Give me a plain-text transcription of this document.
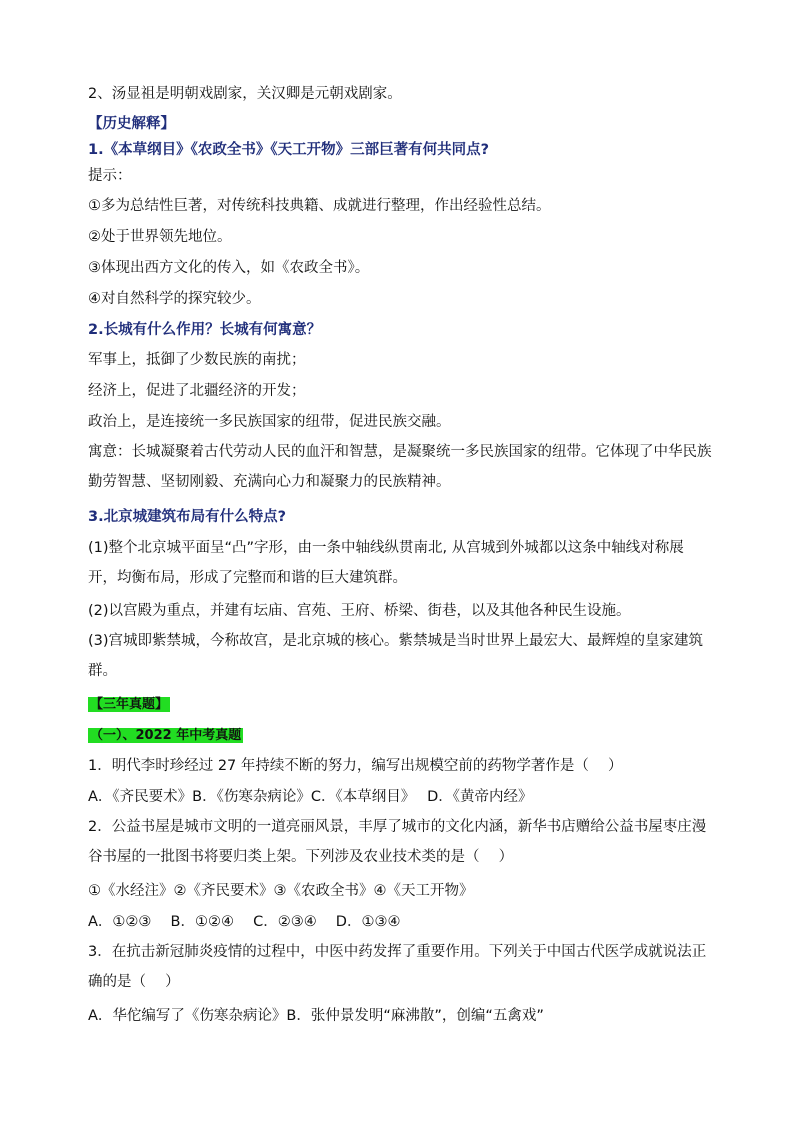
2、汤显祖是明朝戏剧家，关汉卿是元朝戏剧家。
【历史解释】
1.《本草纲目》《农政全书》《天工开物》三部巨著有何共同点?
提示：
①多为总结性巨著，对传统科技典籍、成就进行整理，作出经验性总结。
②处于世界领先地位。
③体现出西方文化的传入，如《农政全书》。
④对自然科学的探究较少。
2.长城有什么作用？长城有何寓意？
军事上，抵御了少数民族的南扰；
经济上，促进了北疆经济的开发；
政治上，是连接统一多民族国家的纽带，促进民族交融。
寓意：长城凝聚着古代劳动人民的血汗和智慧，是凝聚统一多民族国家的纽带。它体现了中华民族勤劳智慧、坚韧刚毅、充满向心力和凝聚力的民族精神。
3.北京城建筑布局有什么特点?
(1)整个北京城平面呈“凸”字形，由一条中轴线纵贯南北, 从宫城到外城都以这条中轴线对称展开，均衡布局，形成了完整而和谐的巨大建筑群。
(2)以宫殿为重点，并建有坛庙、宫苑、王府、桥梁、街巷，以及其他各种民生设施。
(3)宫城即紫禁城，今称故宫，是北京城的核心。紫禁城是当时世界上最宏大、最辉煌的皇家建筑群。
【三年真题】
（一）、2022 年中考真题
1．明代李时珍经过 27 年持续不断的努力，编写出规模空前的药物学著作是（　 ）
A．《齐民要术》B．《伤寒杂病论》C．《本草纲目》　 D．《黄帝内经》
2．公益书屋是城市文明的一道亮丽风景，丰厚了城市的文化内涵，新华书店赠给公益书屋枣庄漫谷书屋的一批图书将要归类上架。下列涉及农业技术类的是（　 ）
①《水经注》②《齐民要术》③《农政全书》④《天工开物》
A．①②③　 B．①②④　 C．②③④　 D．①③④
3．在抗击新冠肺炎疫情的过程中，中医中药发挥了重要作用。下列关于中国古代医学成就说法正确的是（　 ）
A．华佗编写了《伤寒杂病论》B．张仲景发明“麻沸散”，创编“五禽戏”
